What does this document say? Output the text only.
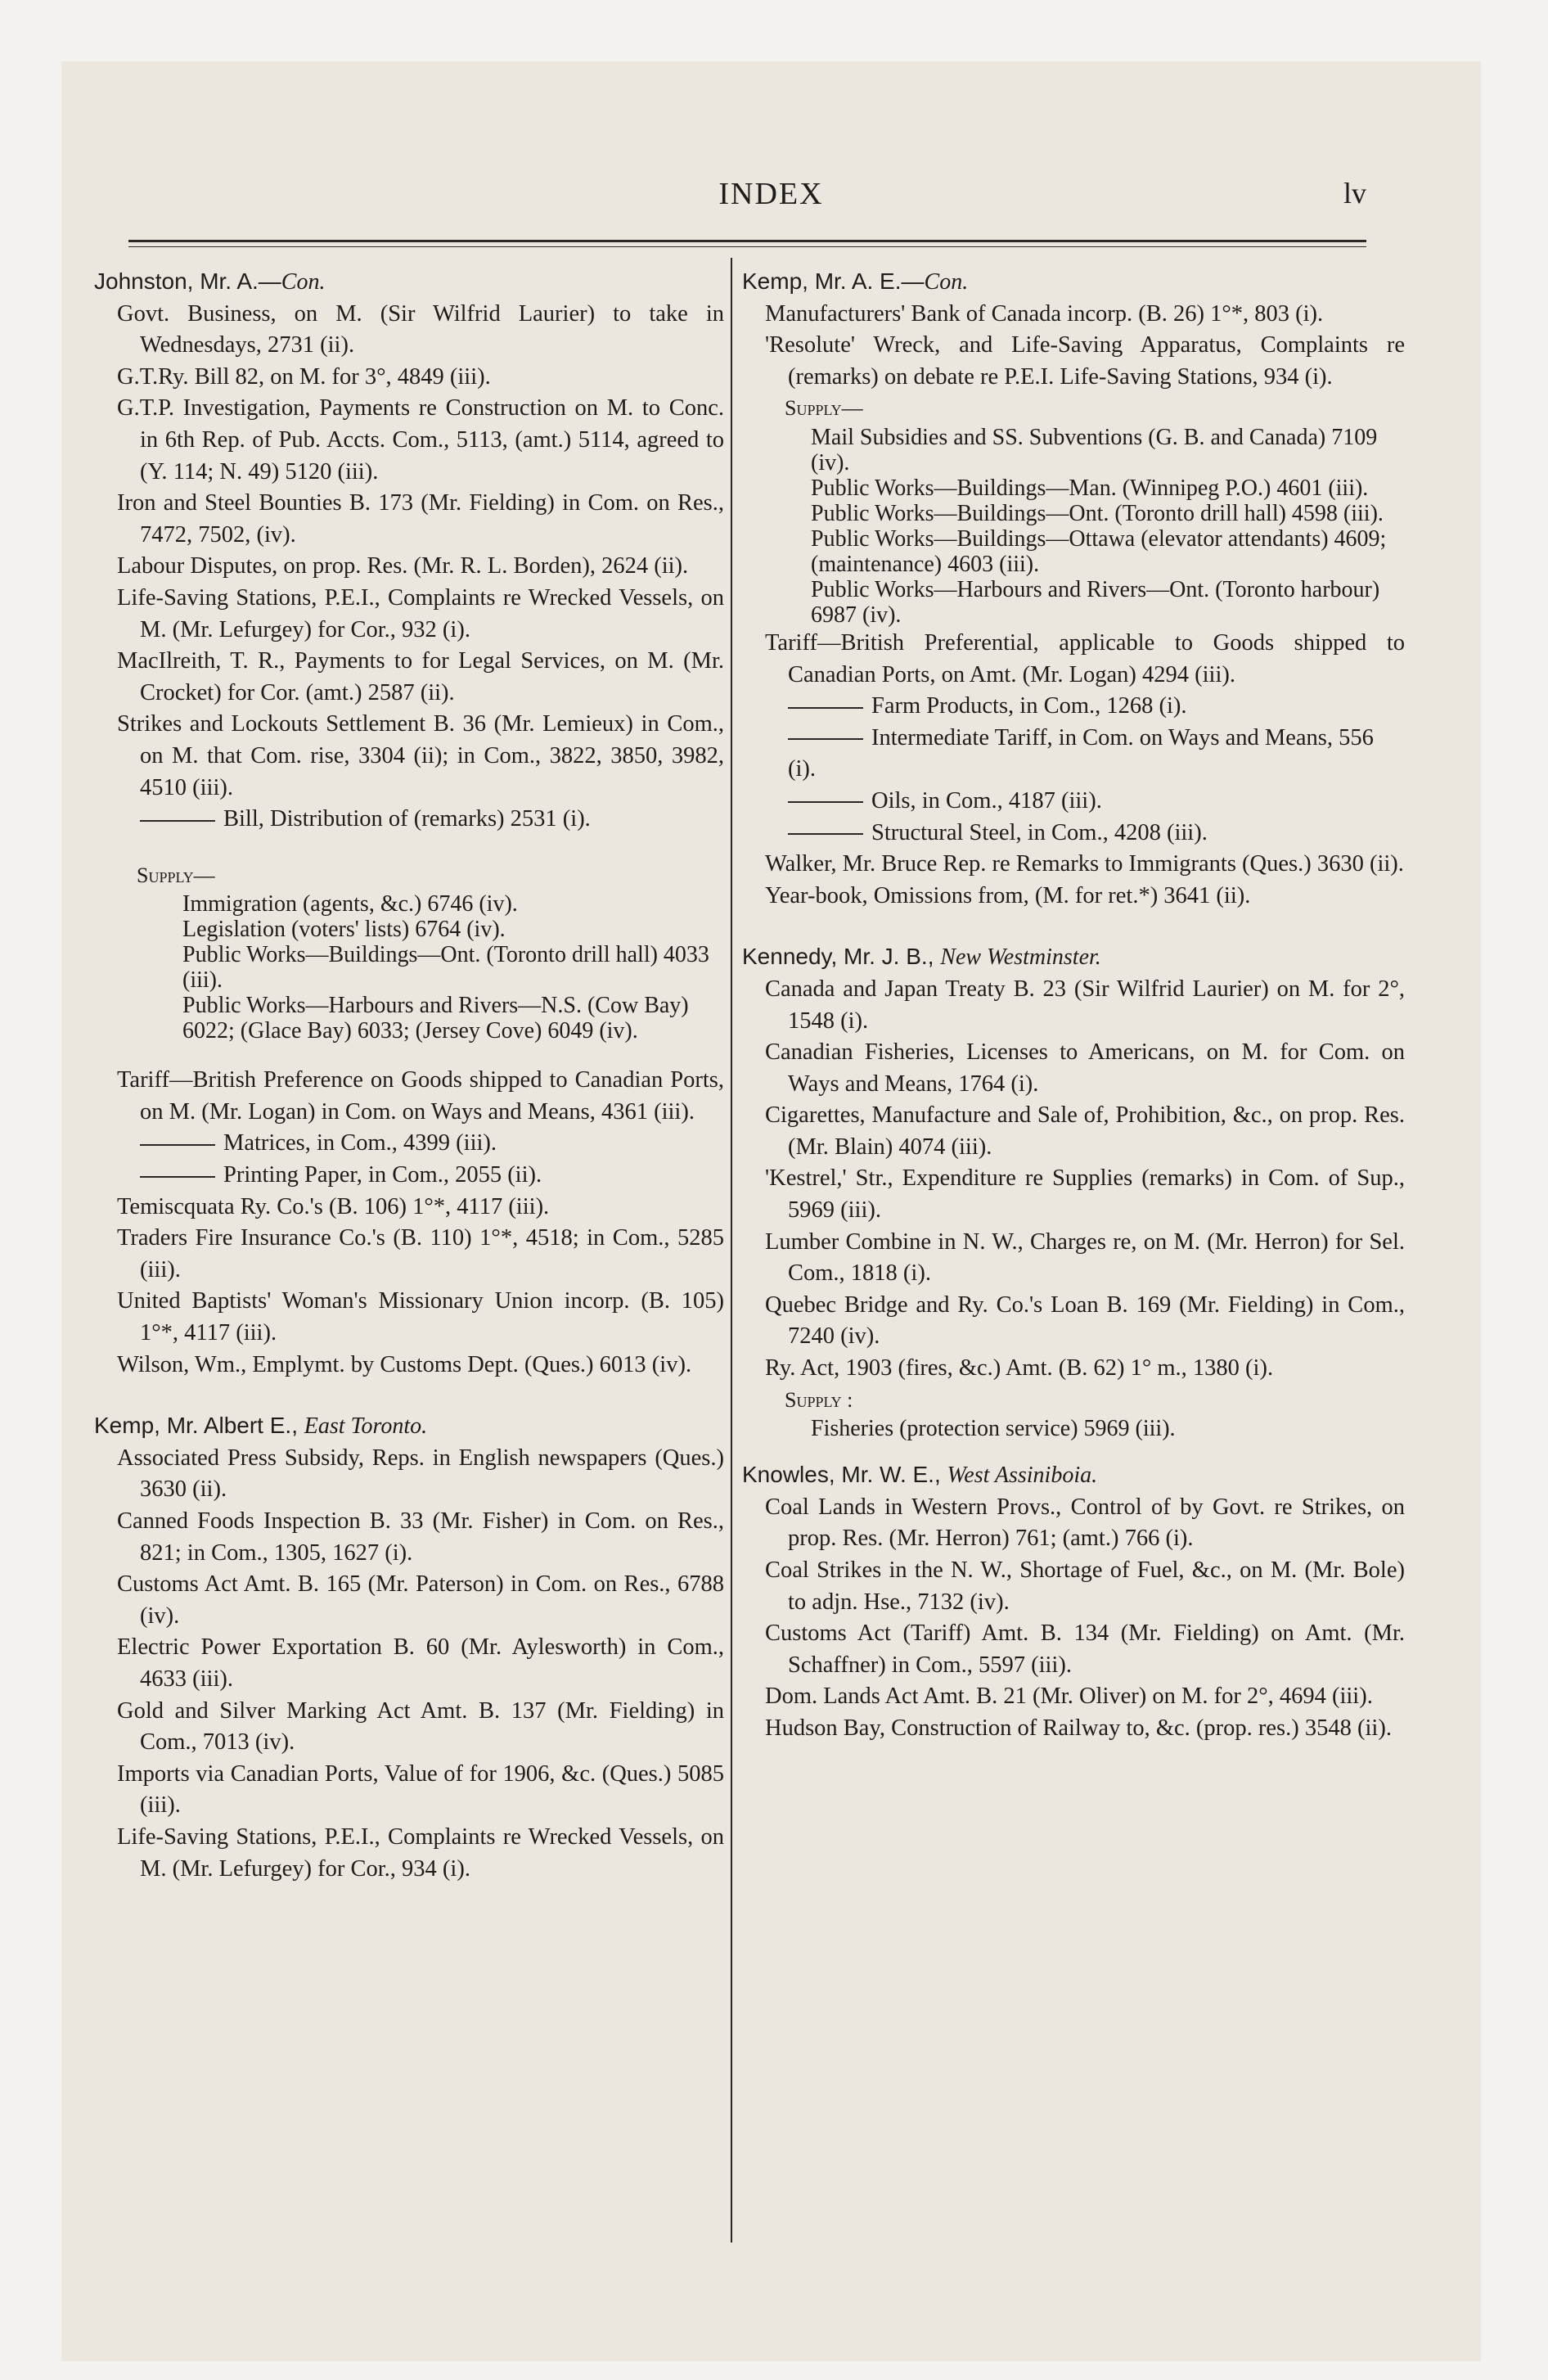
INDEX	lv
Johnston, Mr. A.—Con.
Govt. Business, on M. (Sir Wilfrid Laurier) to take in Wednesdays, 2731 (ii).
G.T.Ry. Bill 82, on M. for 3°, 4849 (iii).
G.T.P. Investigation, Payments re Construction on M. to Conc. in 6th Rep. of Pub. Accts. Com., 5113, (amt.) 5114, agreed to (Y. 114; N. 49) 5120 (iii).
Iron and Steel Bounties B. 173 (Mr. Fielding) in Com. on Res., 7472, 7502, (iv).
Labour Disputes, on prop. Res. (Mr. R. L. Borden), 2624 (ii).
Life-Saving Stations, P.E.I., Complaints re Wrecked Vessels, on M. (Mr. Lefurgey) for Cor., 932 (i).
MacIlreith, T. R., Payments to for Legal Services, on M. (Mr. Crocket) for Cor. (amt.) 2587 (ii).
Strikes and Lockouts Settlement B. 36 (Mr. Lemieux) in Com., on M. that Com. rise, 3304 (ii); in Com., 3822, 3850, 3982, 4510 (iii).
Bill, Distribution of (remarks) 2531 (i).
Supply—
Immigration (agents, &c.) 6746 (iv).
Legislation (voters' lists) 6764 (iv).
Public Works—Buildings—Ont. (Toronto drill hall) 4033 (iii).
Public Works—Harbours and Rivers—N.S. (Cow Bay) 6022; (Glace Bay) 6033; (Jersey Cove) 6049 (iv).
Tariff—British Preference on Goods shipped to Canadian Ports, on M. (Mr. Logan) in Com. on Ways and Means, 4361 (iii).
Matrices, in Com., 4399 (iii).
Printing Paper, in Com., 2055 (ii).
Temiscquata Ry. Co.'s (B. 106) 1°*, 4117 (iii).
Traders Fire Insurance Co.'s (B. 110) 1°*, 4518; in Com., 5285 (iii).
United Baptists' Woman's Missionary Union incorp. (B. 105) 1°*, 4117 (iii).
Wilson, Wm., Emplymt. by Customs Dept. (Ques.) 6013 (iv).
Kemp, Mr. Albert E., East Toronto.
Associated Press Subsidy, Reps. in English newspapers (Ques.) 3630 (ii).
Canned Foods Inspection B. 33 (Mr. Fisher) in Com. on Res., 821; in Com., 1305, 1627 (i).
Customs Act Amt. B. 165 (Mr. Paterson) in Com. on Res., 6788 (iv).
Electric Power Exportation B. 60 (Mr. Aylesworth) in Com., 4633 (iii).
Gold and Silver Marking Act Amt. B. 137 (Mr. Fielding) in Com., 7013 (iv).
Imports via Canadian Ports, Value of for 1906, &c. (Ques.) 5085 (iii).
Life-Saving Stations, P.E.I., Complaints re Wrecked Vessels, on M. (Mr. Lefurgey) for Cor., 934 (i).
Kemp, Mr. A. E.—Con.
Manufacturers' Bank of Canada incorp. (B. 26) 1°*, 803 (i).
'Resolute' Wreck, and Life-Saving Apparatus, Complaints re (remarks) on debate re P.E.I. Life-Saving Stations, 934 (i).
Supply—
Mail Subsidies and SS. Subventions (G. B. and Canada) 7109 (iv).
Public Works—Buildings—Man. (Winnipeg P.O.) 4601 (iii).
Public Works—Buildings—Ont. (Toronto drill hall) 4598 (iii).
Public Works—Buildings—Ottawa (elevator attendants) 4609; (maintenance) 4603 (iii).
Public Works—Harbours and Rivers—Ont. (Toronto harbour) 6987 (iv).
Tariff—British Preferential, applicable to Goods shipped to Canadian Ports, on Amt. (Mr. Logan) 4294 (iii).
Farm Products, in Com., 1268 (i).
Intermediate Tariff, in Com. on Ways and Means, 556 (i).
Oils, in Com., 4187 (iii).
Structural Steel, in Com., 4208 (iii).
Walker, Mr. Bruce Rep. re Remarks to Immigrants (Ques.) 3630 (ii).
Year-book, Omissions from, (M. for ret.*) 3641 (ii).
Kennedy, Mr. J. B., New Westminster.
Canada and Japan Treaty B. 23 (Sir Wilfrid Laurier) on M. for 2°, 1548 (i).
Canadian Fisheries, Licenses to Americans, on M. for Com. on Ways and Means, 1764 (i).
Cigarettes, Manufacture and Sale of, Prohibition, &c., on prop. Res. (Mr. Blain) 4074 (iii).
'Kestrel,' Str., Expenditure re Supplies (remarks) in Com. of Sup., 5969 (iii).
Lumber Combine in N. W., Charges re, on M. (Mr. Herron) for Sel. Com., 1818 (i).
Quebec Bridge and Ry. Co.'s Loan B. 169 (Mr. Fielding) in Com., 7240 (iv).
Ry. Act, 1903 (fires, &c.) Amt. (B. 62) 1° m., 1380 (i).
Supply :
Fisheries (protection service) 5969 (iii).
Knowles, Mr. W. E., West Assiniboia.
Coal Lands in Western Provs., Control of by Govt. re Strikes, on prop. Res. (Mr. Herron) 761; (amt.) 766 (i).
Coal Strikes in the N. W., Shortage of Fuel, &c., on M. (Mr. Bole) to adjn. Hse., 7132 (iv).
Customs Act (Tariff) Amt. B. 134 (Mr. Fielding) on Amt. (Mr. Schaffner) in Com., 5597 (iii).
Dom. Lands Act Amt. B. 21 (Mr. Oliver) on M. for 2°, 4694 (iii).
Hudson Bay, Construction of Railway to, &c. (prop. res.) 3548 (ii).
